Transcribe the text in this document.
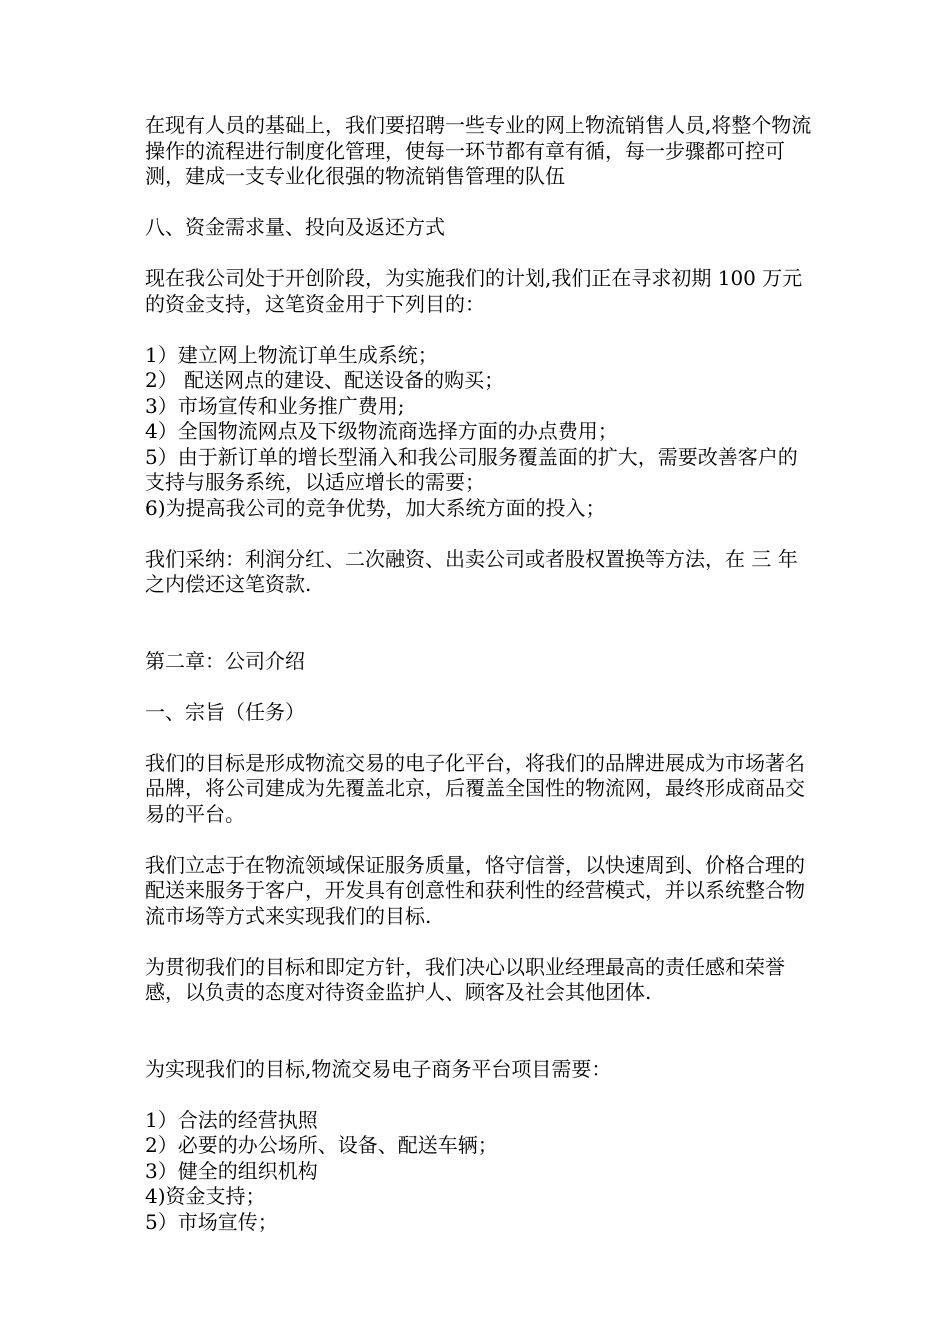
在现有人员的基础上，我们要招聘一些专业的网上物流销售人员,将整个物流操作的流程进行制度化管理，使每一环节都有章有循，每一步骤都可控可测，建成一支专业化很强的物流销售管理的队伍

八、资金需求量、投向及返还方式

现在我公司处于开创阶段，为实施我们的计划,我们正在寻求初期 100 万元的资金支持，这笔资金用于下列目的：

1）建立网上物流订单生成系统；
2） 配送网点的建设、配送设备的购买；
3）市场宣传和业务推广费用;
4）全国物流网点及下级物流商选择方面的办点费用；

5）由于新订单的增长型涌入和我公司服务覆盖面的扩大，需要改善客户的支持与服务系统，以适应增长的需要；

6)为提高我公司的竞争优势，加大系统方面的投入；

我们采纳：利润分红、二次融资、出卖公司或者股权置换等方法，在 三 年之内偿还这笔资款.

第二章：公司介绍

一、宗旨（任务）

我们的目标是形成物流交易的电子化平台，将我们的品牌进展成为市场著名品牌，将公司建成为先覆盖北京，后覆盖全国性的物流网，最终形成商品交易的平台。

我们立志于在物流领域保证服务质量，恪守信誉，以快速周到、价格合理的配送来服务于客户，开发具有创意性和获利性的经营模式，并以系统整合物流市场等方式来实现我们的目标.

为贯彻我们的目标和即定方针，我们决心以职业经理最高的责任感和荣誉感，以负责的态度对待资金监护人、顾客及社会其他团体.

为实现我们的目标,物流交易电子商务平台项目需要：

1）合法的经营执照
2）必要的办公场所、设备、配送车辆；
3）健全的组织机构
4)资金支持；
5）市场宣传；
